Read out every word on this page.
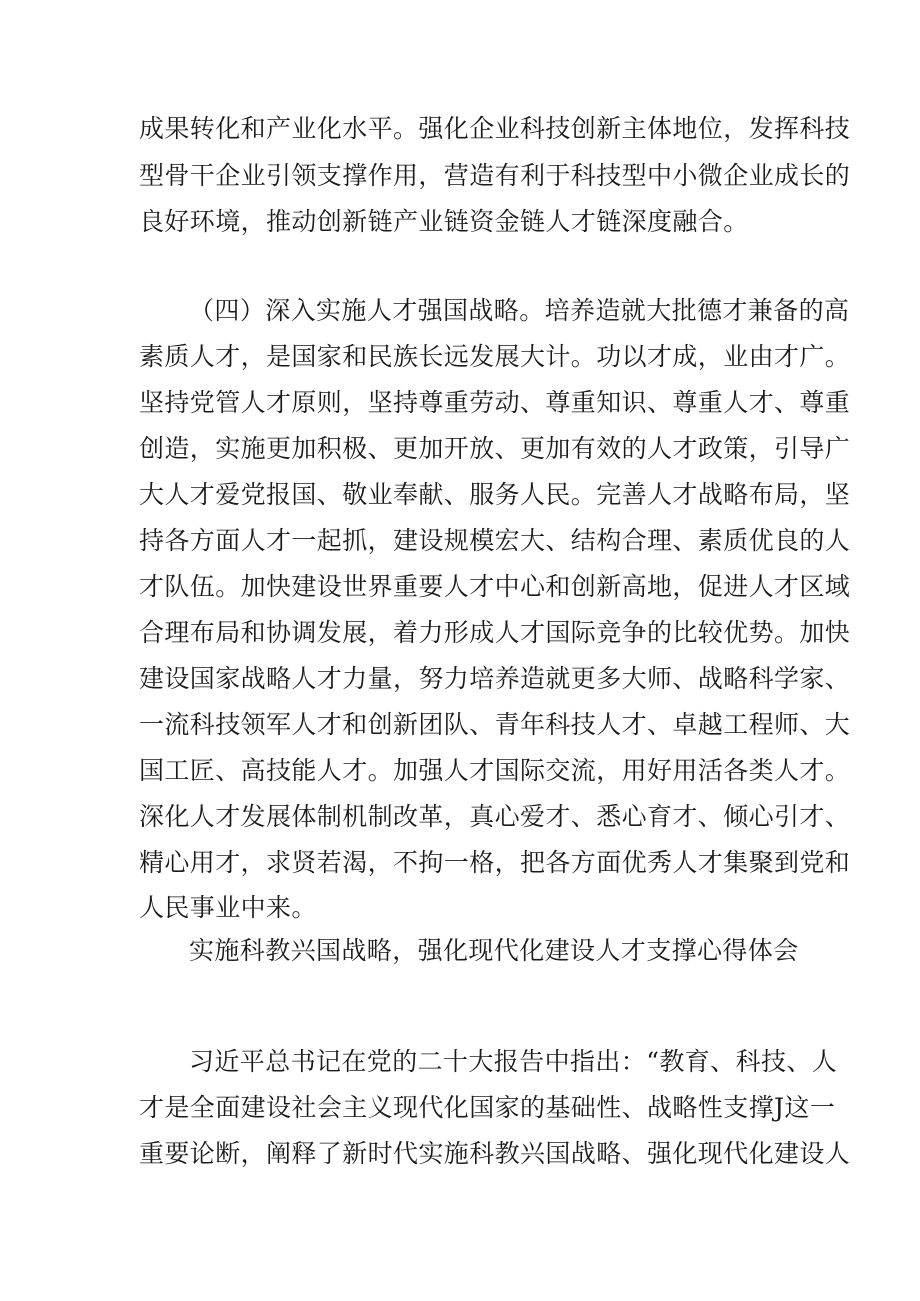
成果转化和产业化水平。强化企业科技创新主体地位，发挥科技
型骨干企业引领支撑作用，营造有利于科技型中小微企业成长的
良好环境，推动创新链产业链资金链人才链深度融合。
（四）深入实施人才强国战略。培养造就大批德才兼备的高
素质人才，是国家和民族长远发展大计。功以才成，业由才广。
坚持党管人才原则，坚持尊重劳动、尊重知识、尊重人才、尊重
创造，实施更加积极、更加开放、更加有效的人才政策，引导广
大人才爱党报国、敬业奉献、服务人民。完善人才战略布局，坚
持各方面人才一起抓，建设规模宏大、结构合理、素质优良的人
才队伍。加快建设世界重要人才中心和创新高地，促进人才区域
合理布局和协调发展，着力形成人才国际竞争的比较优势。加快
建设国家战略人才力量，努力培养造就更多大师、战略科学家、
一流科技领军人才和创新团队、青年科技人才、卓越工程师、大
国工匠、高技能人才。加强人才国际交流，用好用活各类人才。
深化人才发展体制机制改革，真心爱才、悉心育才、倾心引才、
精心用才，求贤若渴，不拘一格，把各方面优秀人才集聚到党和
人民事业中来。
实施科教兴国战略，强化现代化建设人才支撑心得体会
习近平总书记在党的二十大报告中指出：“教育、科技、人
才是全面建设社会主义现代化国家的基础性、战略性支撑J这一
重要论断，阐释了新时代实施科教兴国战略、强化现代化建设人
